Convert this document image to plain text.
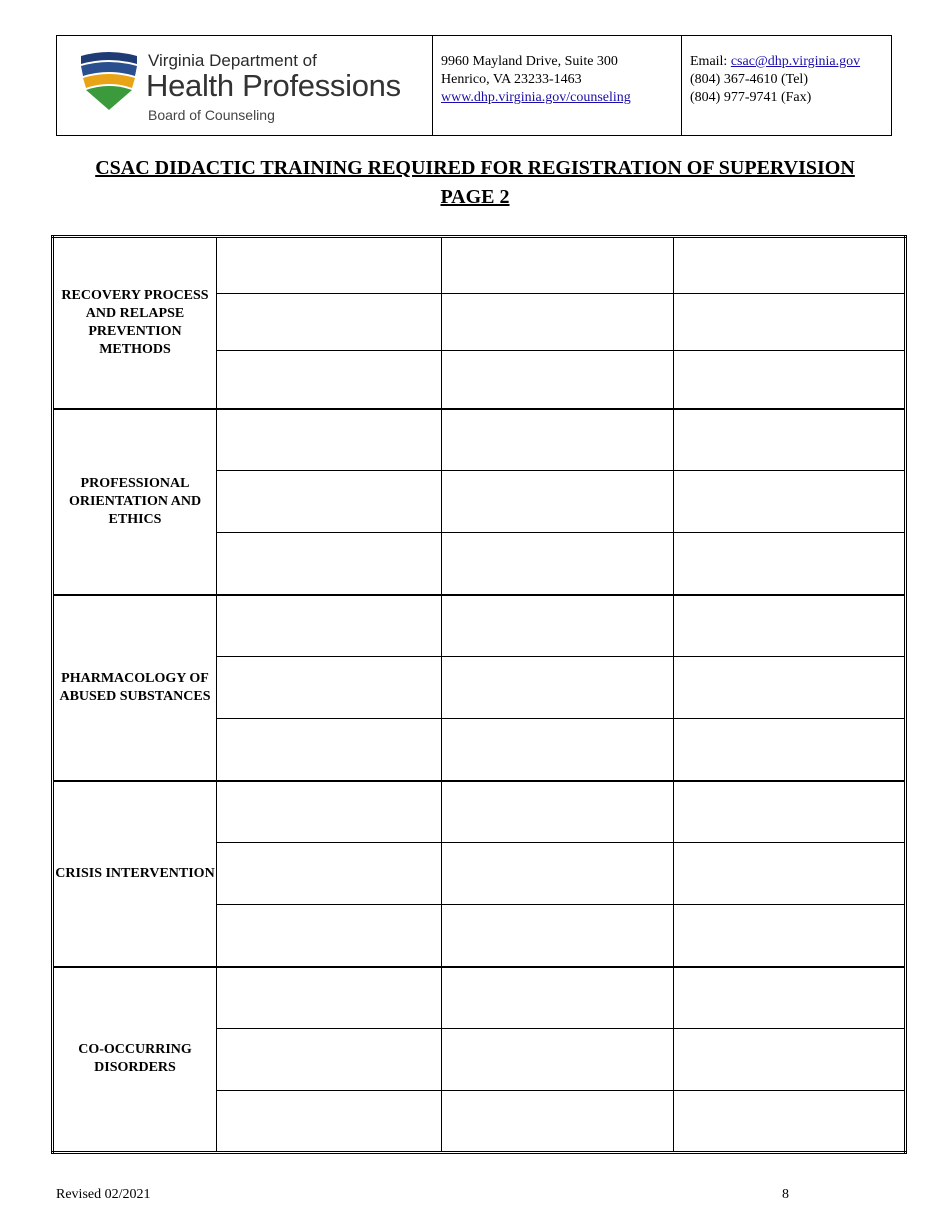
Virginia Department of
Health Professions
Board of Counseling
9960 Mayland Drive, Suite 300
Henrico, VA 23233-1463
www.dhp.virginia.gov/counseling
Email: csac@dhp.virginia.gov
(804) 367-4610 (Tel)
(804) 977-9741 (Fax)
CSAC DIDACTIC TRAINING REQUIRED FOR REGISTRATION OF SUPERVISION
PAGE 2
RECOVERY PROCESS AND RELAPSE PREVENTION METHODS			

PROFESSIONAL ORIENTATION AND ETHICS			

PHARMACOLOGY OF ABUSED SUBSTANCES			

CRISIS INTERVENTION			

CO-OCCURRING DISORDERS			

Revised 02/2021	8
